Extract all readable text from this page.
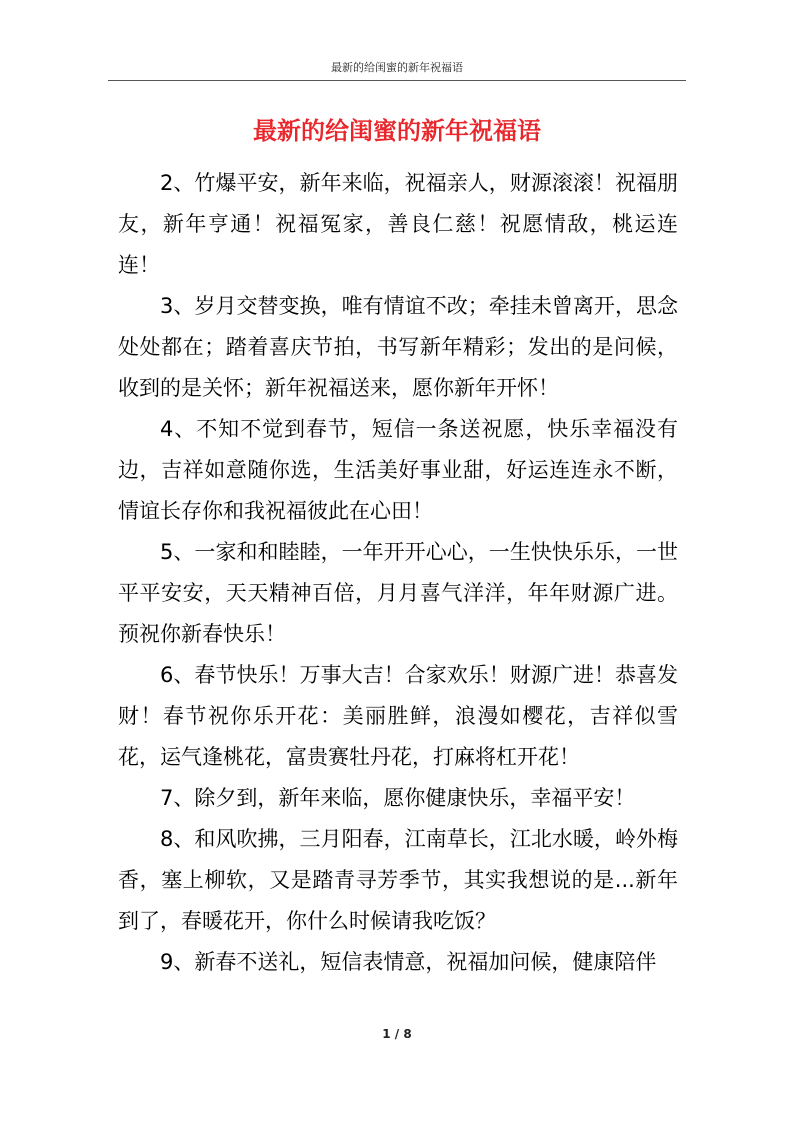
最新的给闺蜜的新年祝福语
最新的给闺蜜的新年祝福语

2、竹爆平安，新年来临，祝福亲人，财源滚滚！祝福朋友，新年亨通！祝福冤家，善良仁慈！祝愿情敌，桃运连连！

3、岁月交替变换，唯有情谊不改；牵挂未曾离开，思念处处都在；踏着喜庆节拍，书写新年精彩；发出的是问候，收到的是关怀；新年祝福送来，愿你新年开怀！

4、不知不觉到春节，短信一条送祝愿，快乐幸福没有边，吉祥如意随你选，生活美好事业甜，好运连连永不断，情谊长存你和我祝福彼此在心田！

5、一家和和睦睦，一年开开心心，一生快快乐乐，一世平平安安，天天精神百倍，月月喜气洋洋，年年财源广进。预祝你新春快乐！

6、春节快乐！万事大吉！合家欢乐！财源广进！恭喜发财！春节祝你乐开花：美丽胜鲜，浪漫如樱花，吉祥似雪花，运气逢桃花，富贵赛牡丹花，打麻将杠开花！

7、除夕到，新年来临，愿你健康快乐，幸福平安！

8、和风吹拂，三月阳春，江南草长，江北水暖，岭外梅香，塞上柳软，又是踏青寻芳季节，其实我想说的是...新年到了，春暖花开，你什么时候请我吃饭？

9、新春不送礼，短信表情意，祝福加问候，健康陪伴

1 / 8
